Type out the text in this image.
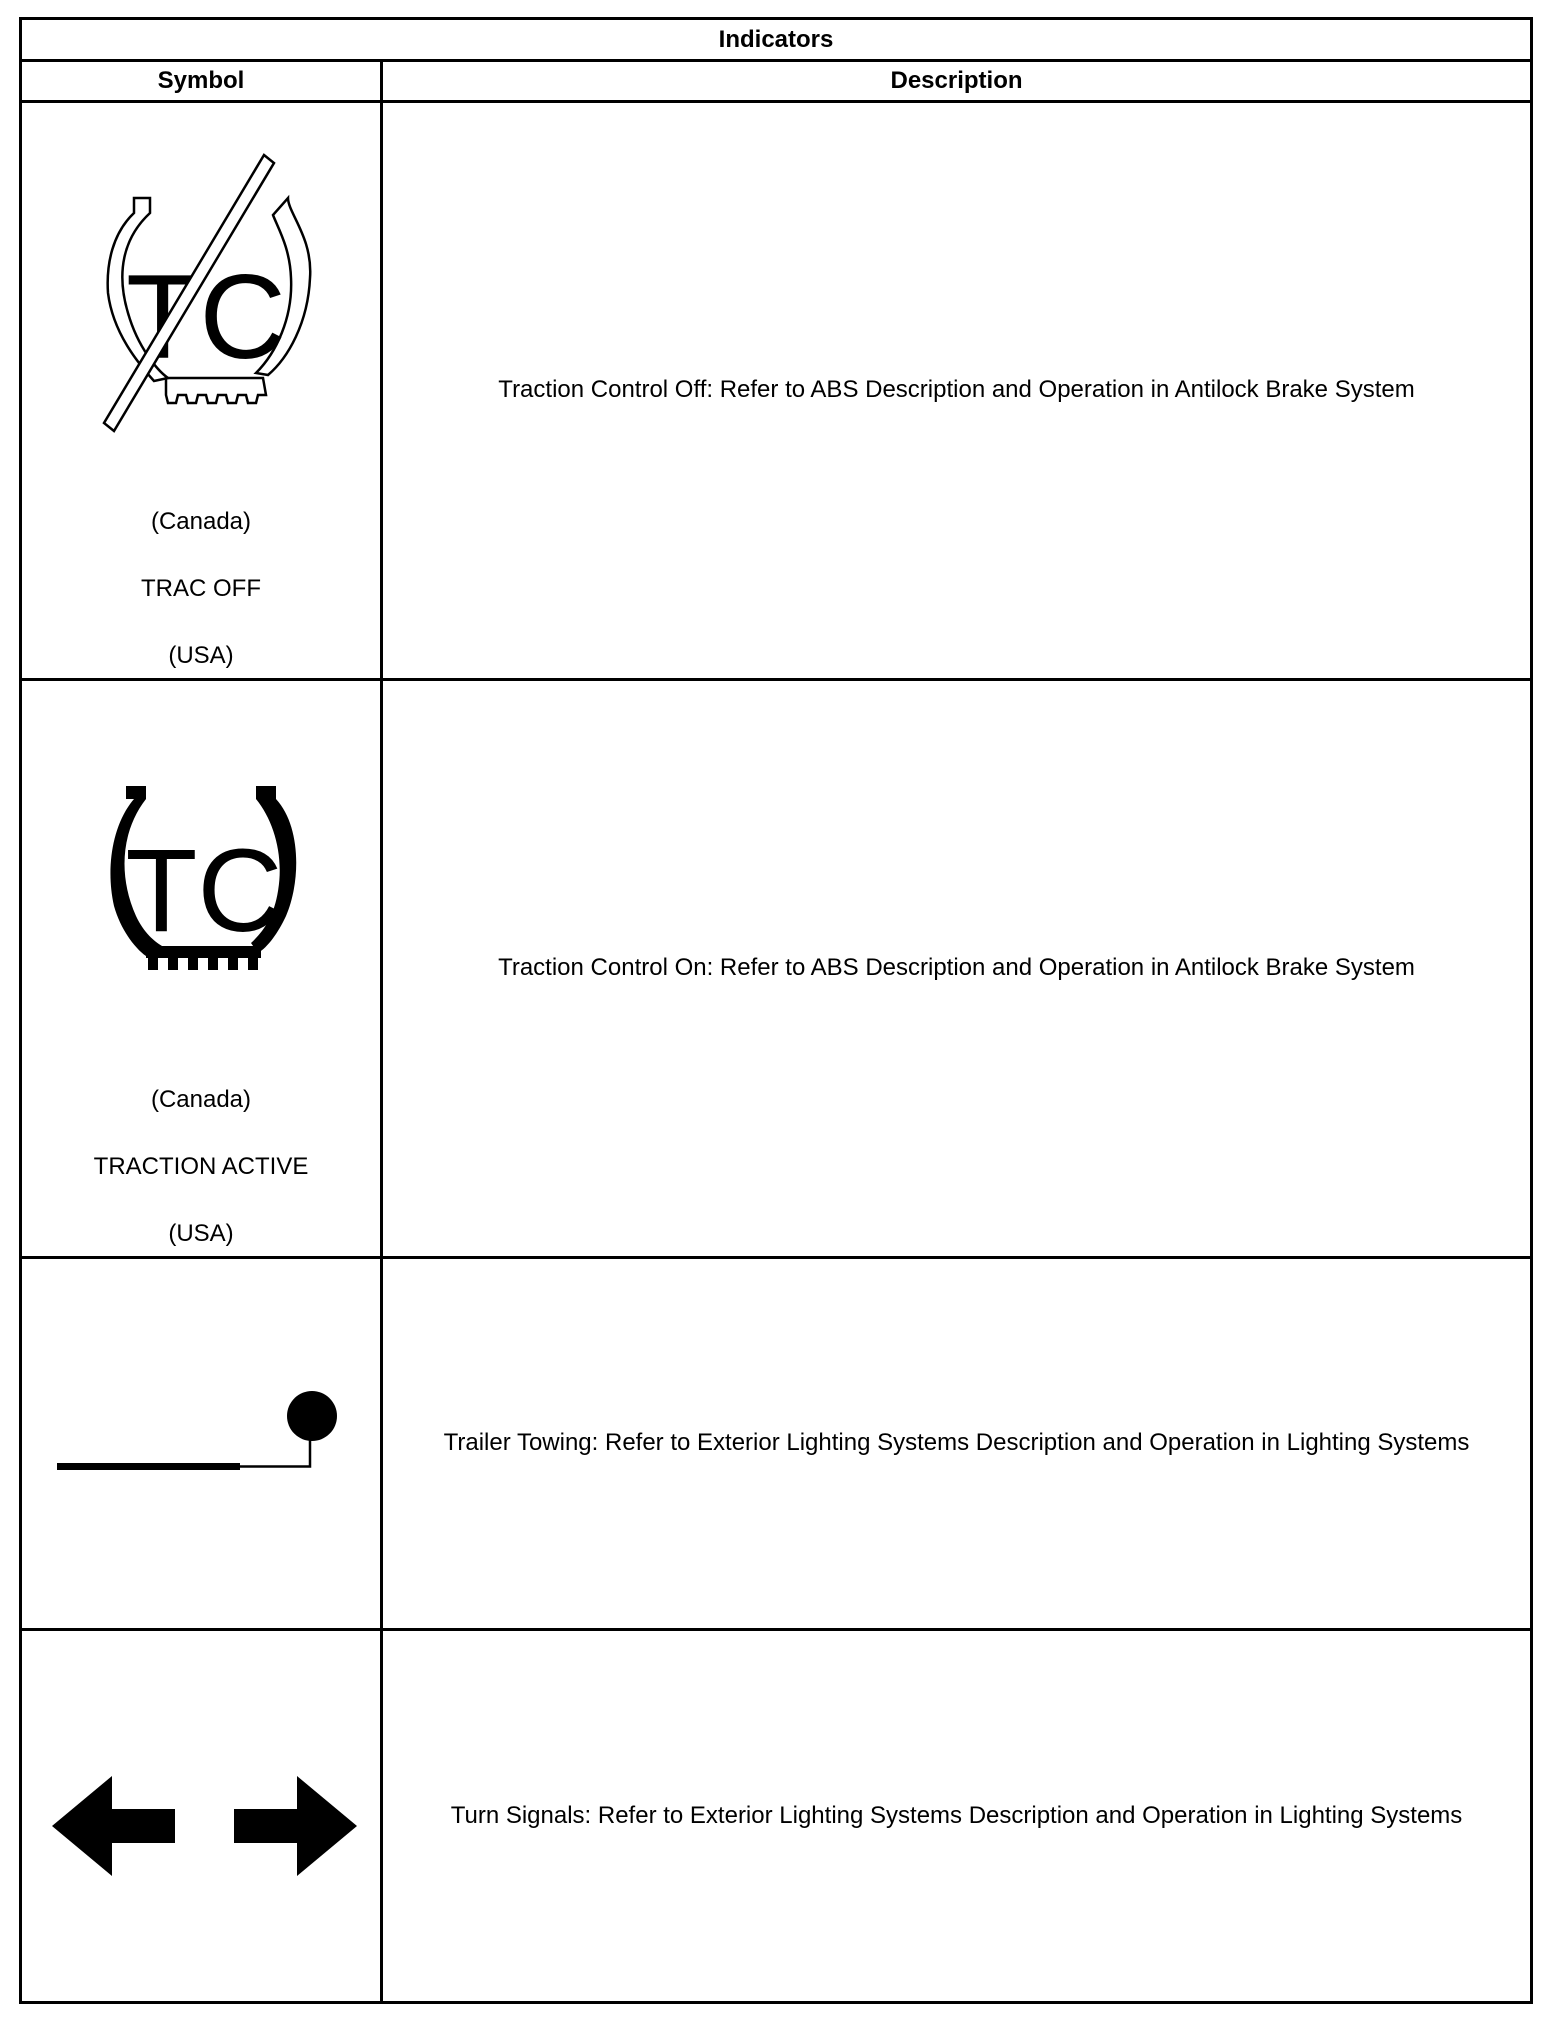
Indicators	
Symbol	Description

TC
(Canada)
TRAC OFF
(USA)	Traction Control Off: Refer to ABS Description and Operation in Antilock Brake System

TC
(Canada)
TRACTION ACTIVE
(USA)	Traction Control On: Refer to ABS Description and Operation in Antilock Brake System

	Trailer Towing: Refer to Exterior Lighting Systems Description and Operation in Lighting Systems

	Turn Signals: Refer to Exterior Lighting Systems Description and Operation in Lighting Systems
